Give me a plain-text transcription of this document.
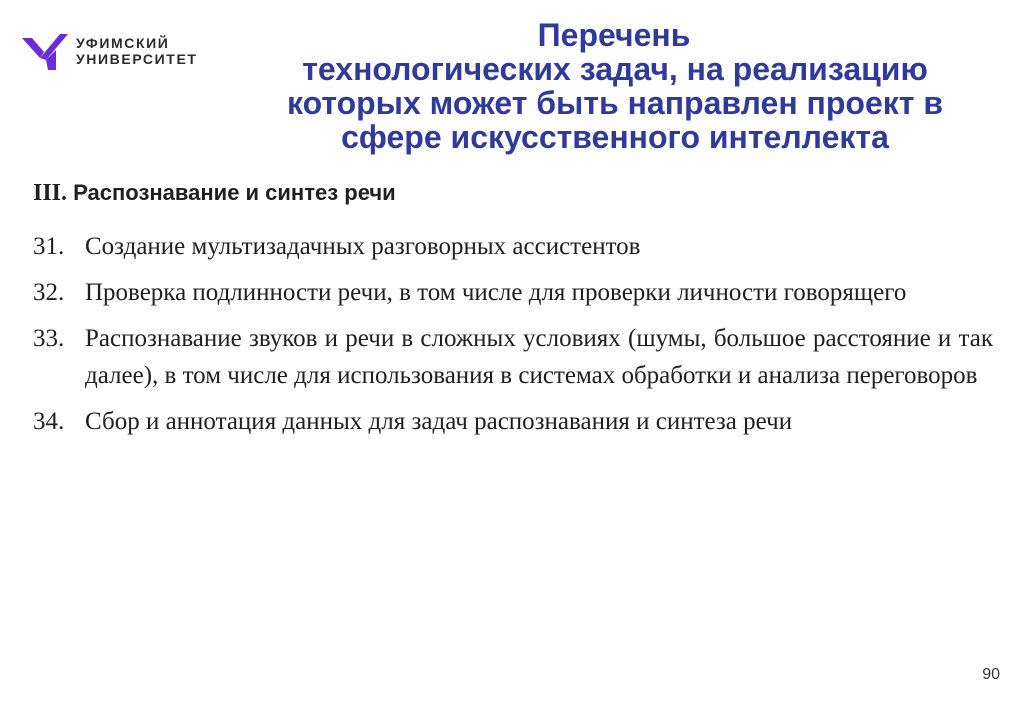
УФИМСКИЙ
УНИВЕРСИТЕТ
Перечень
технологических задач, на реализацию
которых может быть направлен проект в
сфере искусственного интеллекта
III. Распознавание и синтез речи
31. Создание мультизадачных разговорных ассистентов
32. Проверка подлинности речи, в том числе для проверки личности говорящего
33. Распознавание звуков и речи в сложных условиях (шумы, большое расстояние и так далее), в том числе для использования в системах обработки и анализа переговоров
34. Сбор и аннотация данных для задач распознавания и синтеза речи
90
